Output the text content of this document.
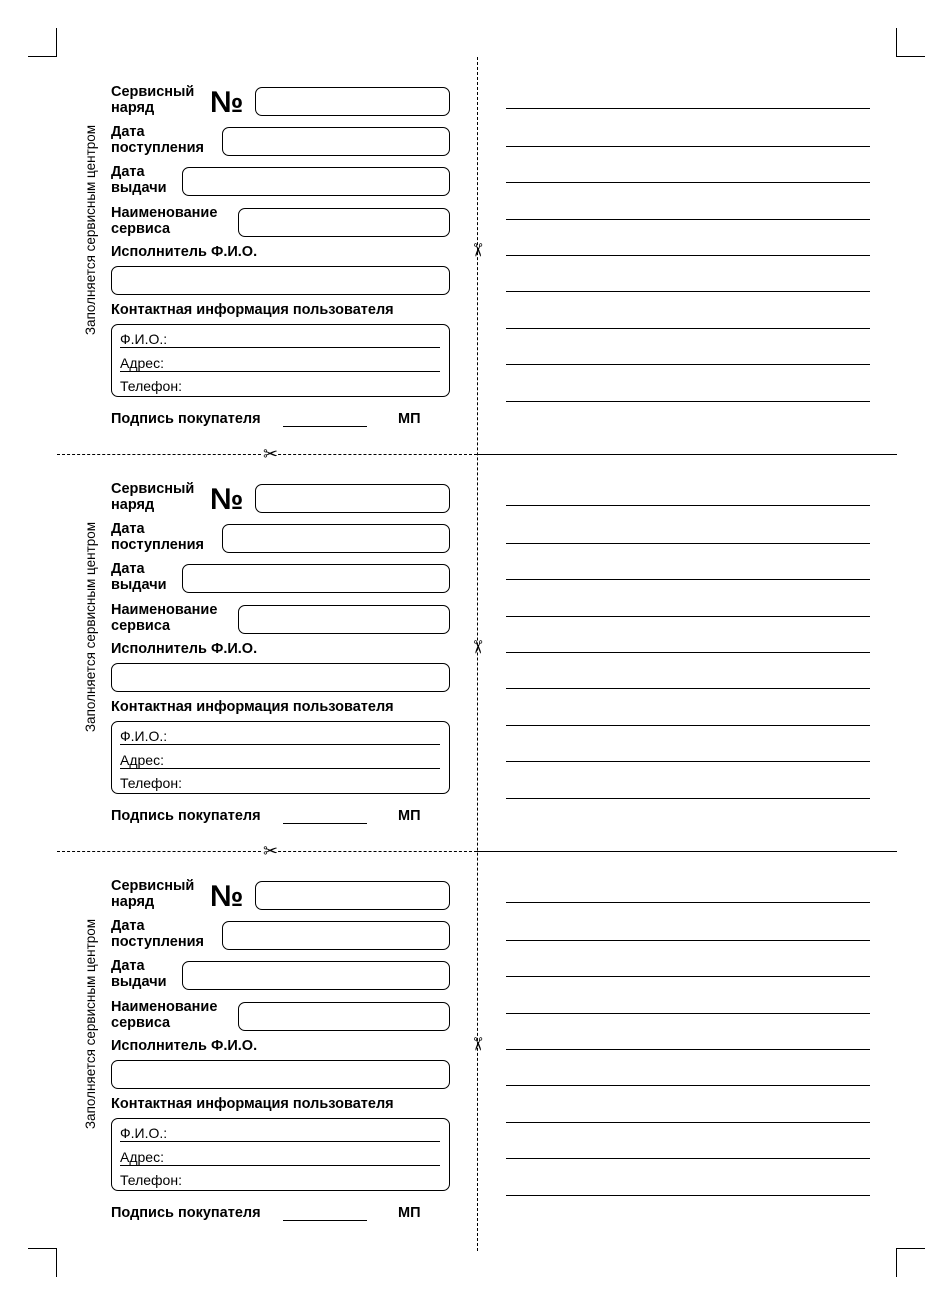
✂
✂
✂
✂
✂
Заполняется сервисным центром
Сервисный
наряд	№
Дата
поступления
Дата
выдачи
Наименование
сервиса
Исполнитель Ф.И.О.
Контактная информация пользователя
Ф.И.О.:
Адрес:
Телефон:
Подпись покупателя	МП
Заполняется сервисным центром
Сервисный
наряд	№
Дата
поступления
Дата
выдачи
Наименование
сервиса
Исполнитель Ф.И.О.
Контактная информация пользователя
Ф.И.О.:
Адрес:
Телефон:
Подпись покупателя	МП
Заполняется сервисным центром
Сервисный
наряд	№
Дата
поступления
Дата
выдачи
Наименование
сервиса
Исполнитель Ф.И.О.
Контактная информация пользователя
Ф.И.О.:
Адрес:
Телефон:
Подпись покупателя	МП
